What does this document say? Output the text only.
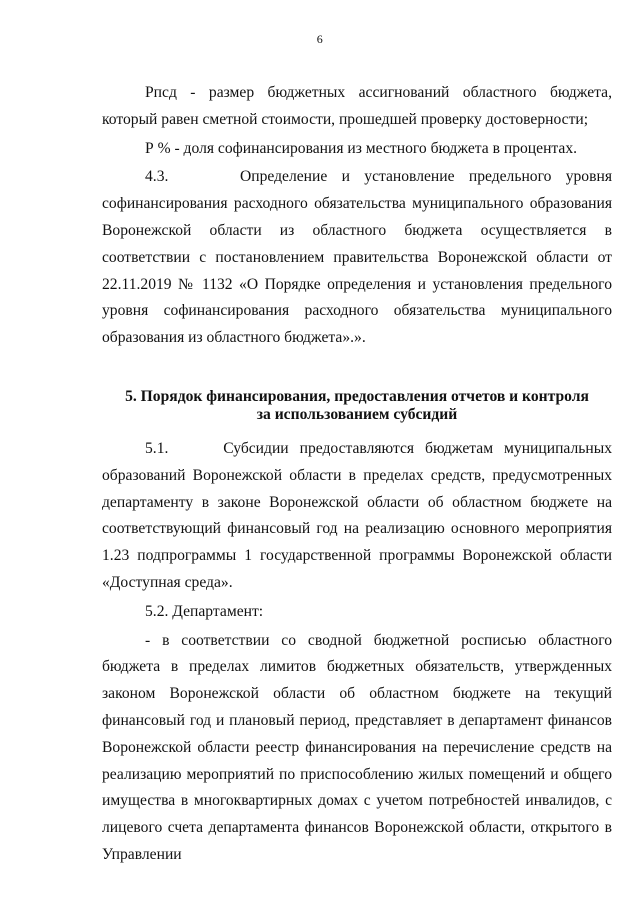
6

Рпсд - размер бюджетных ассигнований областного бюджета, который равен сметной стоимости, прошедшей проверку достоверности;

Р % - доля софинансирования из местного бюджета в процентах.

4.3.     Определение и установление предельного уровня софинансирования расходного обязательства муниципального образования Воронежской области из областного бюджета осуществляется в соответствии с постановлением правительства Воронежской области от 22.11.2019 № 1132 «О Порядке определения и установления предельного уровня софинансирования расходного обязательства муниципального образования из областного бюджета».».

5. Порядок финансирования, предоставления отчетов и контроля
за использованием субсидий

5.1.     Субсидии предоставляются бюджетам муниципальных образований Воронежской области в пределах средств, предусмотренных департаменту в законе Воронежской области об областном бюджете на соответствующий финансовый год на реализацию основного мероприятия 1.23 подпрограммы 1 государственной программы Воронежской области «Доступная среда».

5.2. Департамент:

- в соответствии со сводной бюджетной росписью областного бюджета в пределах лимитов бюджетных обязательств, утвержденных законом Воронежской области об областном бюджете на текущий финансовый год и плановый период, представляет в департамент финансов Воронежской области реестр финансирования на перечисление средств на реализацию мероприятий по приспособлению жилых помещений и общего имущества в многоквартирных домах с учетом потребностей инвалидов, с лицевого счета департамента финансов Воронежской области, открытого в Управлении
